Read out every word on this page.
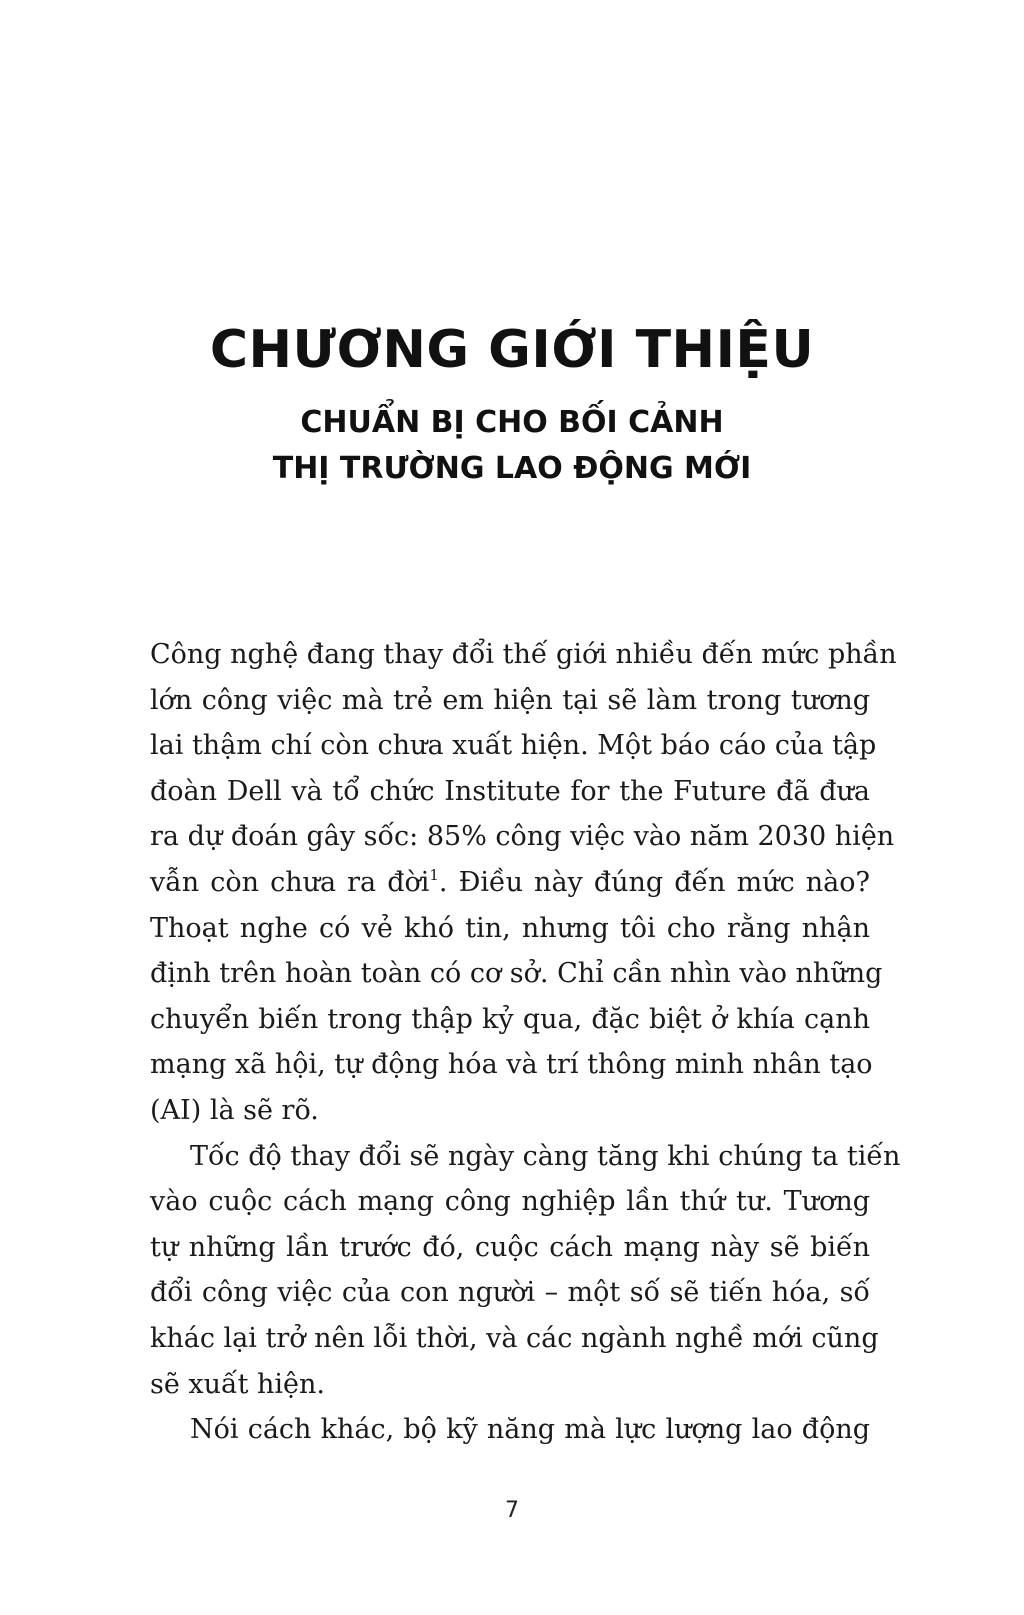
CHƯƠNG GIỚI THIỆU
CHUẨN BỊ CHO BỐI CẢNH
THỊ TRƯỜNG LAO ĐỘNG MỚI
Công nghệ đang thay đổi thế giới nhiều đến mức phần
lớn công việc mà trẻ em hiện tại sẽ làm trong tương
lai thậm chí còn chưa xuất hiện. Một báo cáo của tập
đoàn Dell và tổ chức Institute for the Future đã đưa
ra dự đoán gây sốc: 85% công việc vào năm 2030 hiện
vẫn còn chưa ra đời$^1$. Điều này đúng đến mức nào?
Thoạt nghe có vẻ khó tin, nhưng tôi cho rằng nhận
định trên hoàn toàn có cơ sở. Chỉ cần nhìn vào những
chuyển biến trong thập kỷ qua, đặc biệt ở khía cạnh
mạng xã hội, tự động hóa và trí thông minh nhân tạo
(AI) là sẽ rõ.
Tốc độ thay đổi sẽ ngày càng tăng khi chúng ta tiến
vào cuộc cách mạng công nghiệp lần thứ tư. Tương
tự những lần trước đó, cuộc cách mạng này sẽ biến
đổi công việc của con người – một số sẽ tiến hóa, số
khác lại trở nên lỗi thời, và các ngành nghề mới cũng
sẽ xuất hiện.
Nói cách khác, bộ kỹ năng mà lực lượng lao động
7
